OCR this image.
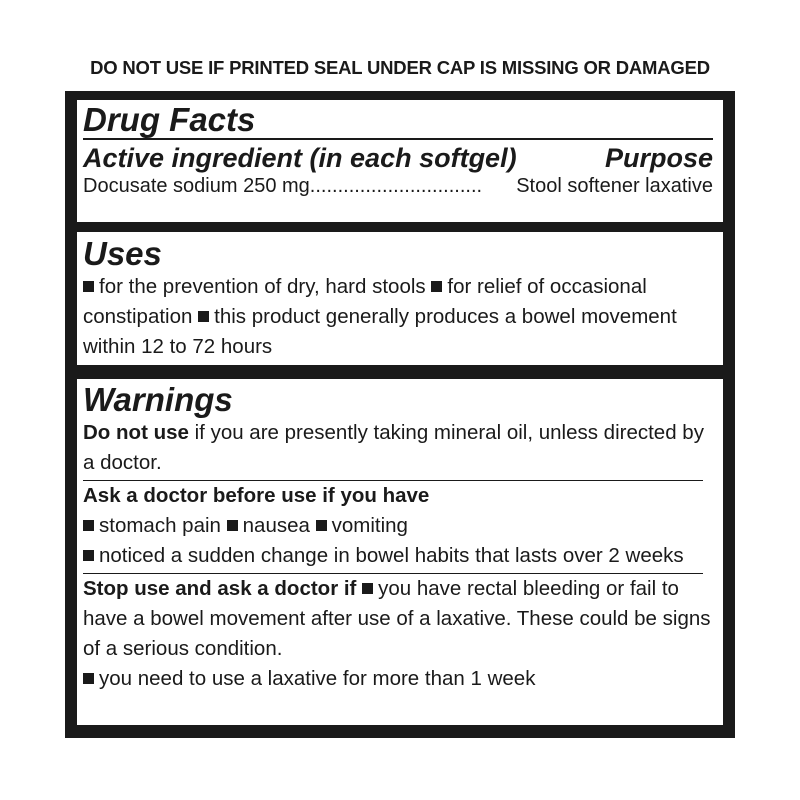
DO NOT USE IF PRINTED SEAL UNDER CAP IS MISSING OR DAMAGED
Drug Facts
Active ingredient (in each softgel)	Purpose
Docusate sodium 250 mg ...............................	Stool softener laxative
Uses
for the prevention of dry, hard stools for relief of occasional constipation this product generally produces a bowel movement within 12 to 72 hours
Warnings
Do not use if you are presently taking mineral oil, unless directed by a doctor.
Ask a doctor before use if you have
stomach pain nausea vomiting
noticed a sudden change in bowel habits that lasts over 2 weeks
Stop use and ask a doctor if you have rectal bleeding or fail to have a bowel movement after use of a laxative. These could be signs of a serious condition.
you need to use a laxative for more than 1 week
